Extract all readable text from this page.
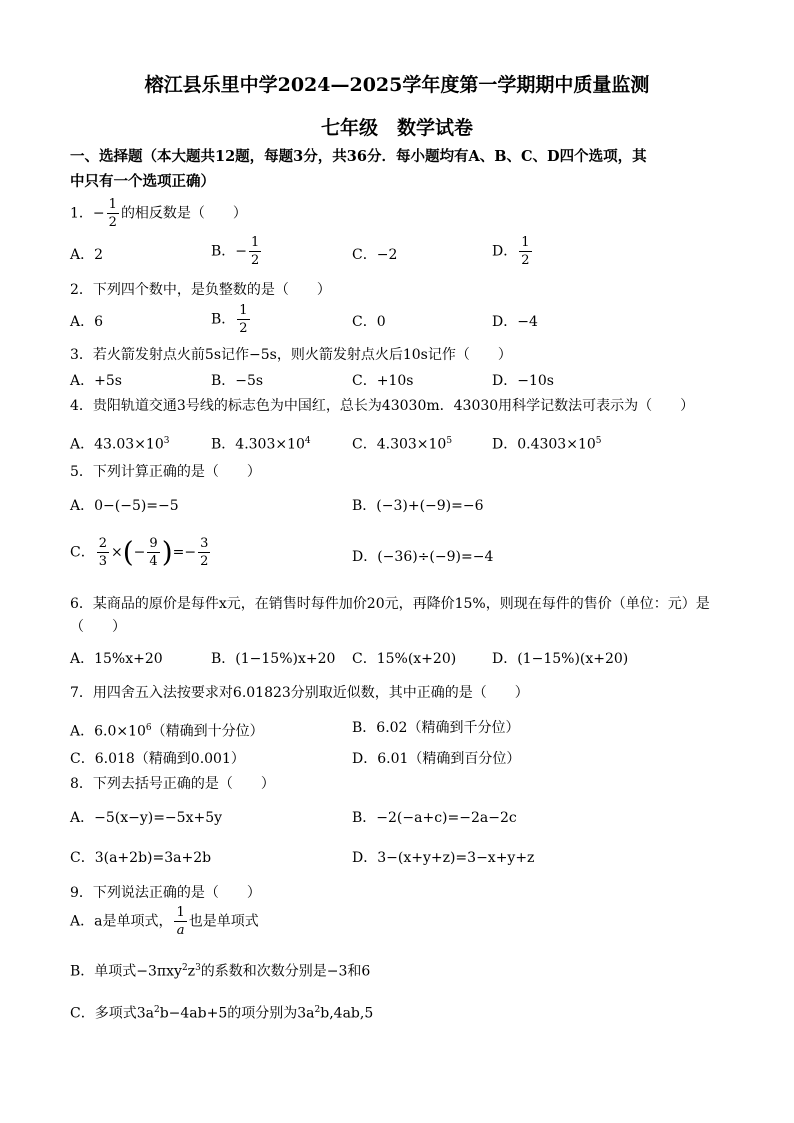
榕江县乐里中学2024—2025学年度第一学期期中质量监测
七年级　数学试卷
一、选择题（本大题共12题，每题3分，共36分．每小题均有A、B、C、D四个选项，其
中只有一个选项正确）
1．− $\frac{1}{2}$ 的相反数是（　　）
A．2	B．− $\frac{1}{2}$	C．−2	D． $\frac{1}{2}$
2．下列四个数中，是负整数的是（　　）
A．6	B． $\frac{1}{2}$	C．0	D．−4
3．若火箭发射点火前5s记作−5s，则火箭发射点火后10s记作（　　）
A．+5s	B．−5s	C．+10s	D．−10s
4．贵阳轨道交通3号线的标志色为中国红，总长为43030m．43030用科学记数法可表示为（　　）
A．$43.03\times 10^3$	B．$4.303\times 10^4$	C．$4.303\times 10^5$	D．$0.4303\times 10^5$
5．下列计算正确的是（　　）
A．0−(−5)=−5	B．(−3)+(−9)=−6
C． $\frac{2}{3}$ ×(− $\frac{9}{4}$ )=− $\frac{3}{2}$	D．(−36)÷(−9)=−4
6．某商品的原价是每件x元，在销售时每件加价20元，再降价15%，则现在每件的售价（单位：元）是
（　　）
A．15%x+20	B．(1−15%)x+20 C．15%(x+20)	D．(1−15%)(x+20)
7．用四舍五入法按要求对6.01823分别取近似数，其中正确的是（　　）
A．$6.0\times 10^6$（精确到十分位）	B．6.02（精确到千分位）
C．6.018（精确到0.001）	D．6.01（精确到百分位）
8．下列去括号正确的是（　　）
A．−5(x−y)=−5x+5y	B．−2(−a+c)=−2a−2c
C．3(a+2b)=3a+2b	D．3−(x+y+z)=3−x+y+z
9．下列说法正确的是（　　）
A．a是单项式， $\frac{1}{a}$ 也是单项式
B．单项式$-3\pi xy^2z^3$的系数和次数分别是−3和6
C．多项式$3a^2b-4ab+5$的项分别为$3a^2b,4ab,5$
